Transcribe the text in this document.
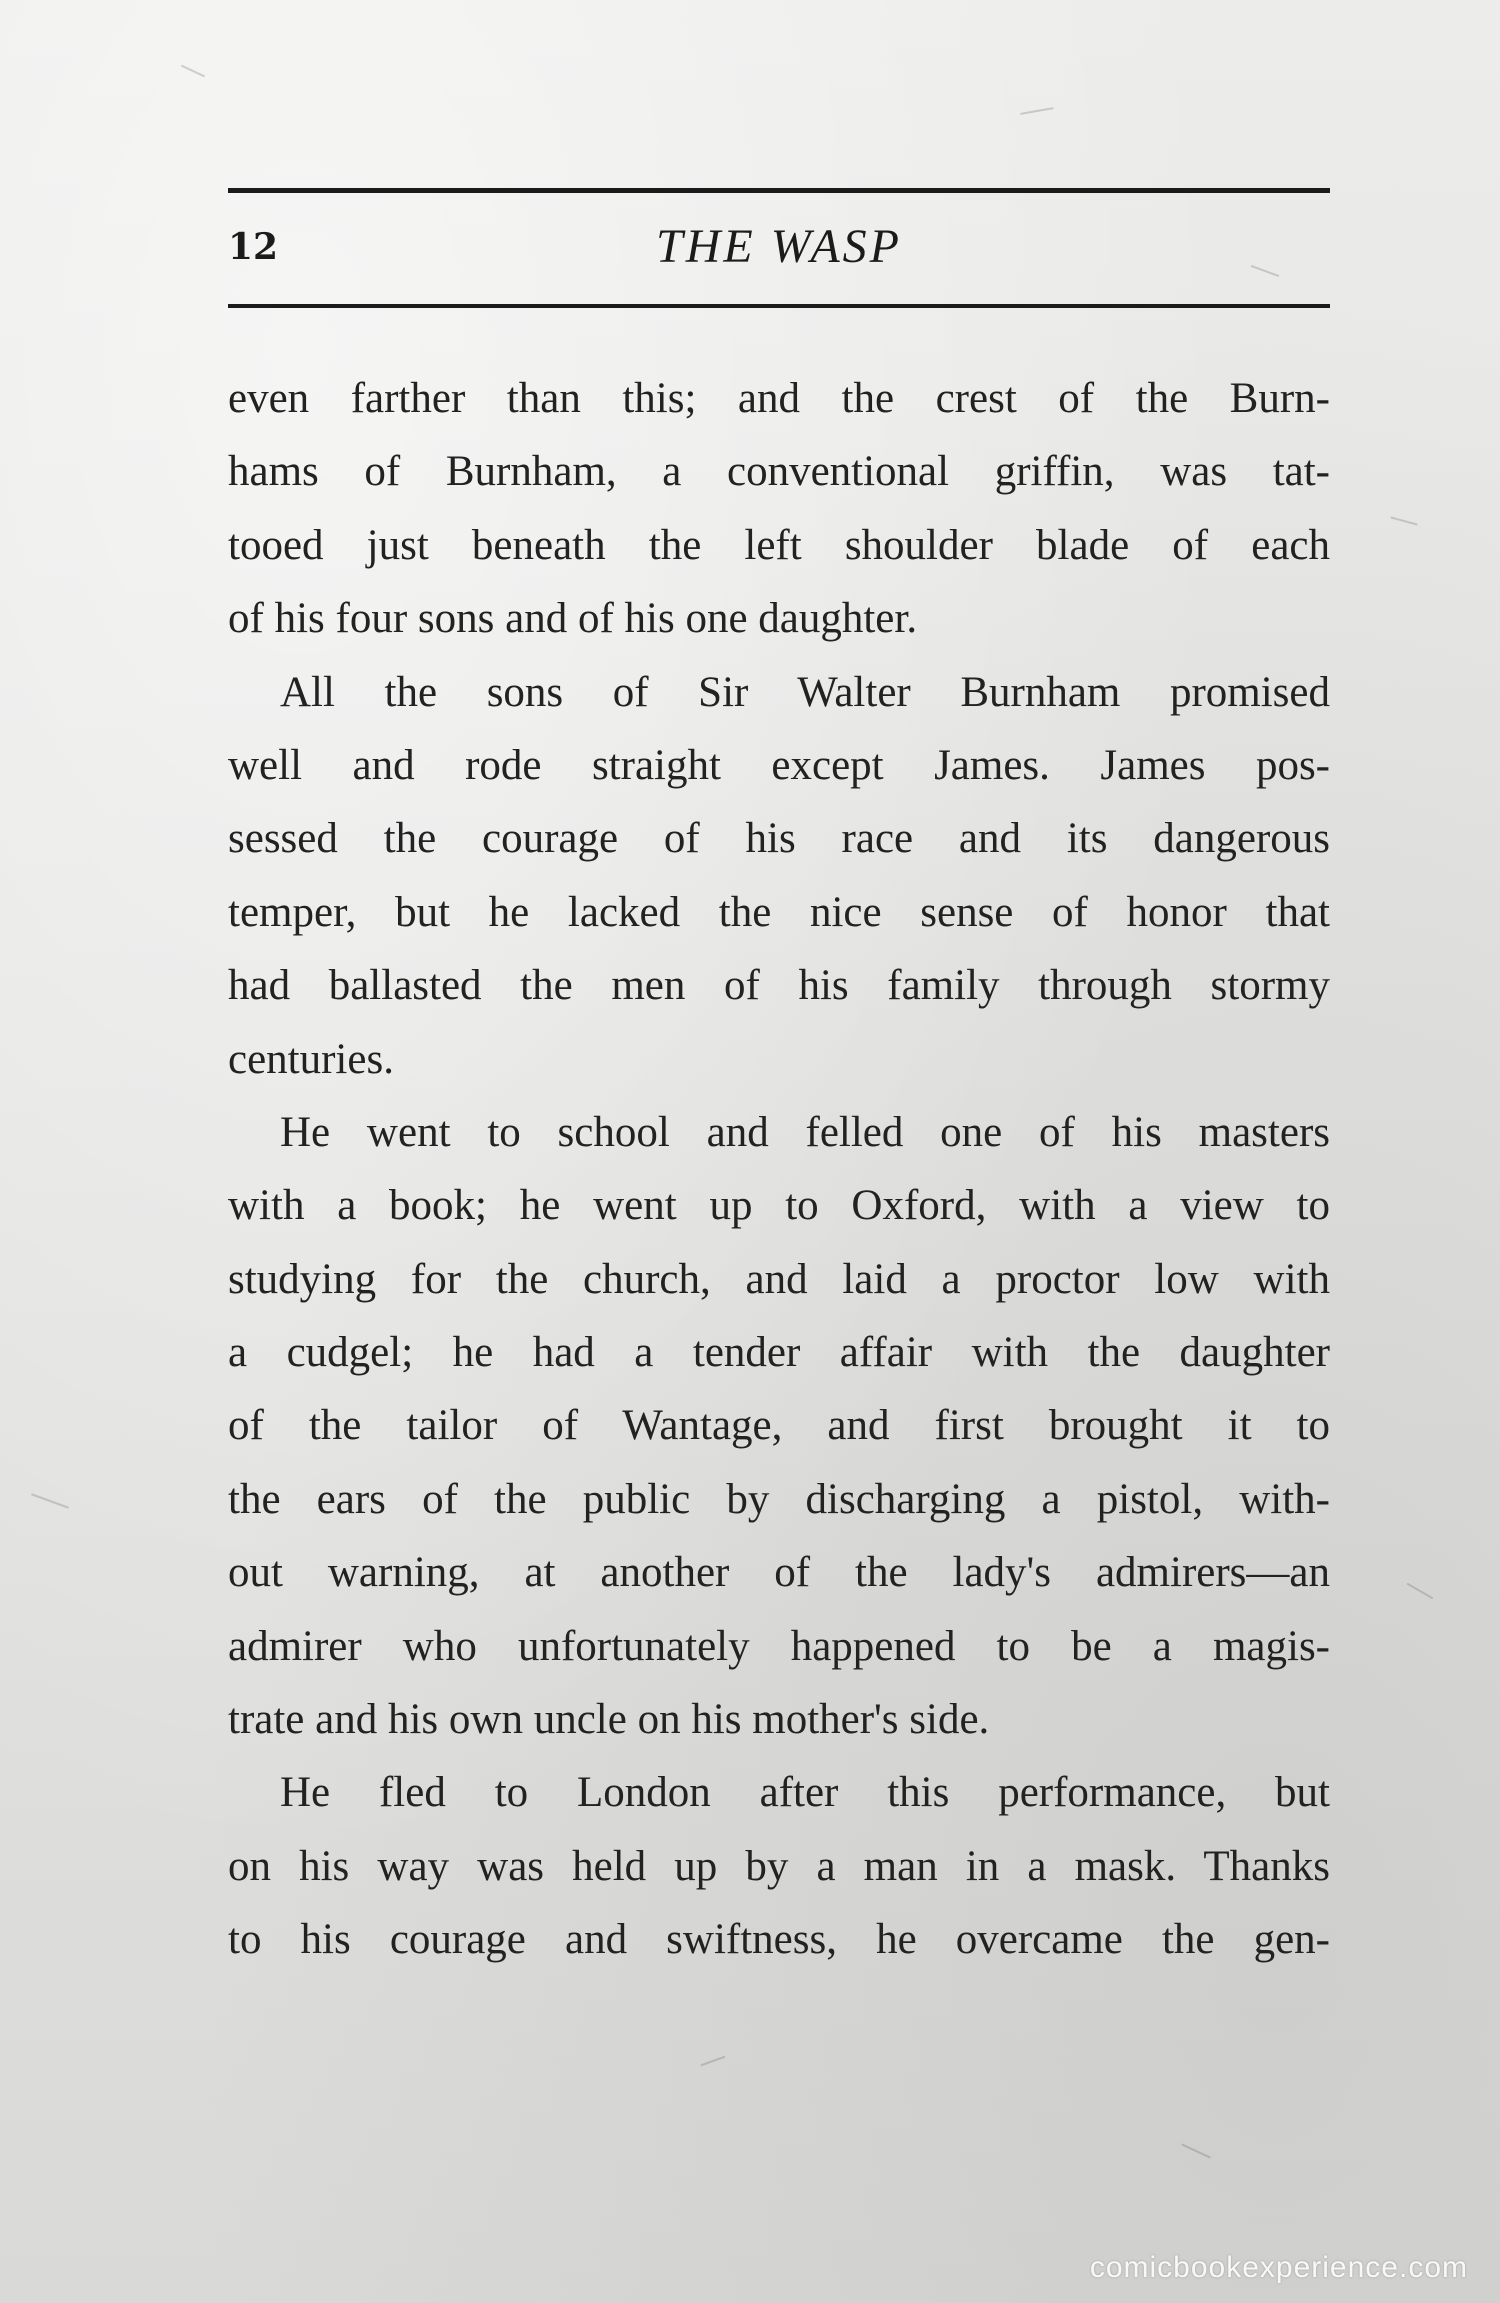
12	THE WASP
even farther than this; and the crest of the Burn-
hams of Burnham, a conventional griffin, was tat-
tooed just beneath the left shoulder blade of each
of his four sons and of his one daughter.
All the sons of Sir Walter Burnham promised
well and rode straight except James. James pos-
sessed the courage of his race and its dangerous
temper, but he lacked the nice sense of honor that
had ballasted the men of his family through stormy
centuries.
He went to school and felled one of his masters
with a book; he went up to Oxford, with a view to
studying for the church, and laid a proctor low with
a cudgel; he had a tender affair with the daughter
of the tailor of Wantage, and first brought it to
the ears of the public by discharging a pistol, with-
out warning, at another of the lady's admirers—an
admirer who unfortunately happened to be a magis-
trate and his own uncle on his mother's side.
He fled to London after this performance, but
on his way was held up by a man in a mask. Thanks
to his courage and swiftness, he overcame the gen-
comicbookexperience.com
